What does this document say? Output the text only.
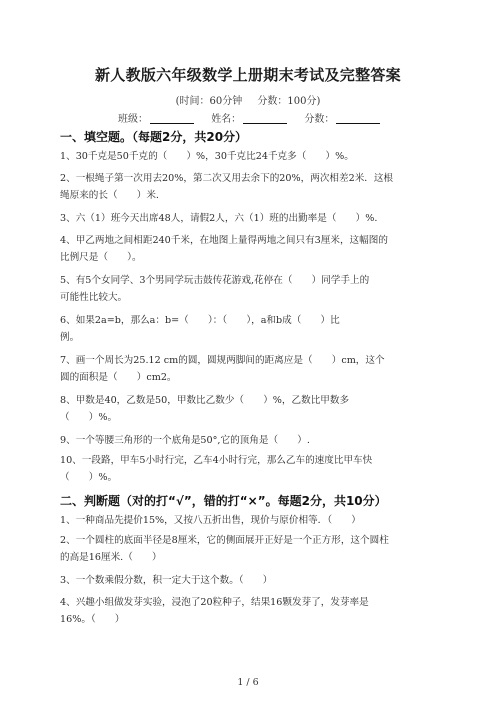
新人教版六年级数学上册期末考试及完整答案
(时间：60分钟 分数：100分)
班级：	姓名：	分数：
一、填空题。（每题2分，共20分）
1、30千克是50千克的（　　）%，30千克比24千克多（　　）%。
2、一根绳子第一次用去20%，第二次又用去余下的20%，两次相差2米．这根
绳原来的长（　　）米.
3、六（1）班今天出席48人，请假2人，六（1）班的出勤率是（　　）%.
4、甲乙两地之间相距240千米，在地图上量得两地之间只有3厘米，这幅图的
比例尺是（　　）。
5、有5个女同学、3个男同学玩击鼓传花游戏,花停在（　　）同学手上的
可能性比较大。
6、如果2a=b，那么a：b=（　　）：（　　），a和b成（　　）比
例。
7、画一个周长为25.12 cm的圆，圆规两脚间的距离应是（　　）cm，这个
圆的面积是（　　）cm2。
8、甲数是40，乙数是50，甲数比乙数少（　　）%，乙数比甲数多
（　　）%。
9、一个等腰三角形的一个底角是50°,它的顶角是（　　）.
10、一段路，甲车5小时行完，乙车4小时行完，那么乙车的速度比甲车快
（　　）%。
二、判断题（对的打“√”，错的打“×”。每题2分，共10分）
1、一种商品先提价15%，又按八五折出售，现价与原价相等．（　　）
2、一个圆柱的底面半径是8厘米，它的侧面展开正好是一个正方形，这个圆柱
的高是16厘米.（　　）
3、一个数乘假分数，积一定大于这个数。（　　）
4、兴趣小组做发芽实验，浸泡了20粒种子，结果16颗发芽了，发芽率是
16%。（　　）
1 / 6
